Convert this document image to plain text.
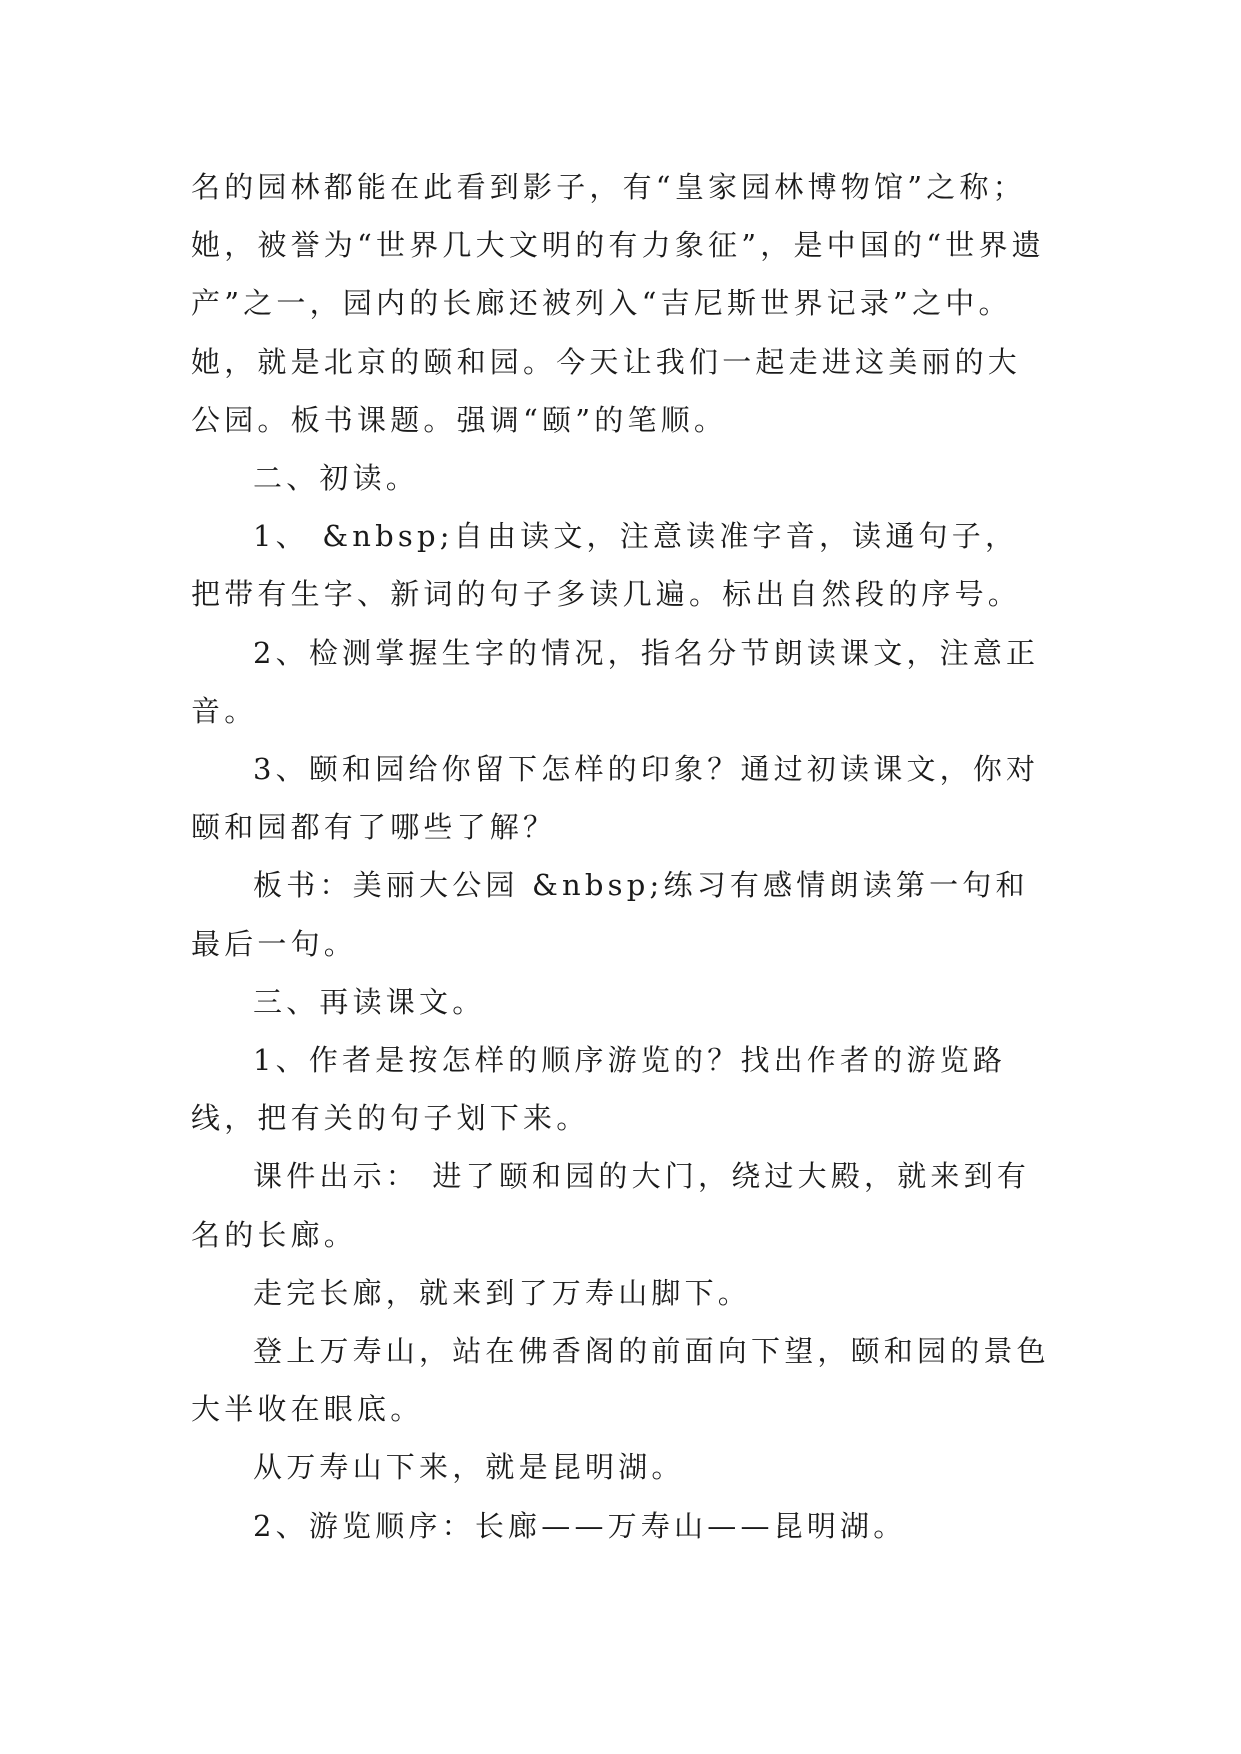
名的园林都能在此看到影子，有“皇家园林博物馆”之称；她，被誉为“世界几大文明的有力象征”，是中国的“世界遗产”之一，园内的长廊还被列入“吉尼斯世界记录”之中。她，就是北京的颐和园。今天让我们一起走进这美丽的大公园。板书课题。强调“颐”的笔顺。

二、初读。

1、 &nbsp;自由读文，注意读准字音，读通句子，把带有生字、新词的句子多读几遍。标出自然段的序号。

2、检测掌握生字的情况，指名分节朗读课文，注意正音。

3、颐和园给你留下怎样的印象？通过初读课文，你对颐和园都有了哪些了解？

板书：美丽大公园 &nbsp;练习有感情朗读第一句和最后一句。

三、再读课文。

1、作者是按怎样的顺序游览的？找出作者的游览路线，把有关的句子划下来。

课件出示： 进了颐和园的大门，绕过大殿，就来到有名的长廊。

走完长廊，就来到了万寿山脚下。

登上万寿山，站在佛香阁的前面向下望，颐和园的景色大半收在眼底。

从万寿山下来，就是昆明湖。

2、游览顺序：长廊——万寿山——昆明湖。
